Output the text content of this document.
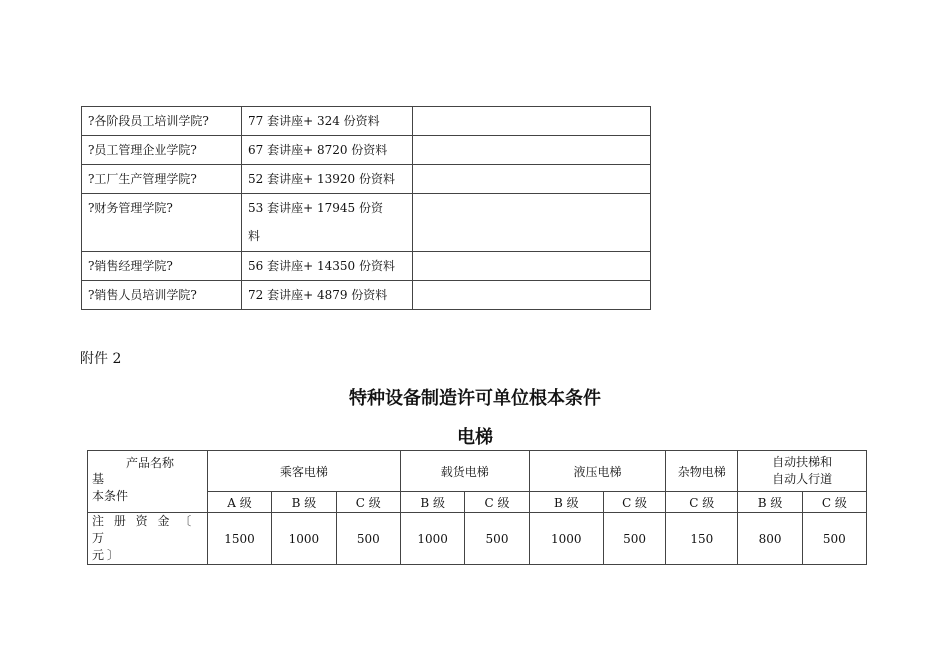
?各阶段员工培训学院?	77 套讲座+ 324 份资料	
?员工管理企业学院?	67 套讲座+ 8720 份资料	
?工厂生产管理学院?	52 套讲座+ 13920 份资料	
?财务管理学院?	53 套讲座+ 17945 份资
料	

?销售经理学院?	56 套讲座+ 14350 份资料	
?销售人员培训学院?	72 套讲座+ 4879 份资料	
附件 2
特种设备制造许可单位根本条件
电梯
产品名称
基
本条件	乘客电梯			载货电梯		液压电梯		杂物电梯	自动扶梯和
自动人行道	

	A 级	B 级	C 级	B 级	C 级	B 级	C 级	C 级	B 级	C 级

注 册 资 金 〔 万
元〕	1500	1000	500	1000	500	1000	500	150	800	500
